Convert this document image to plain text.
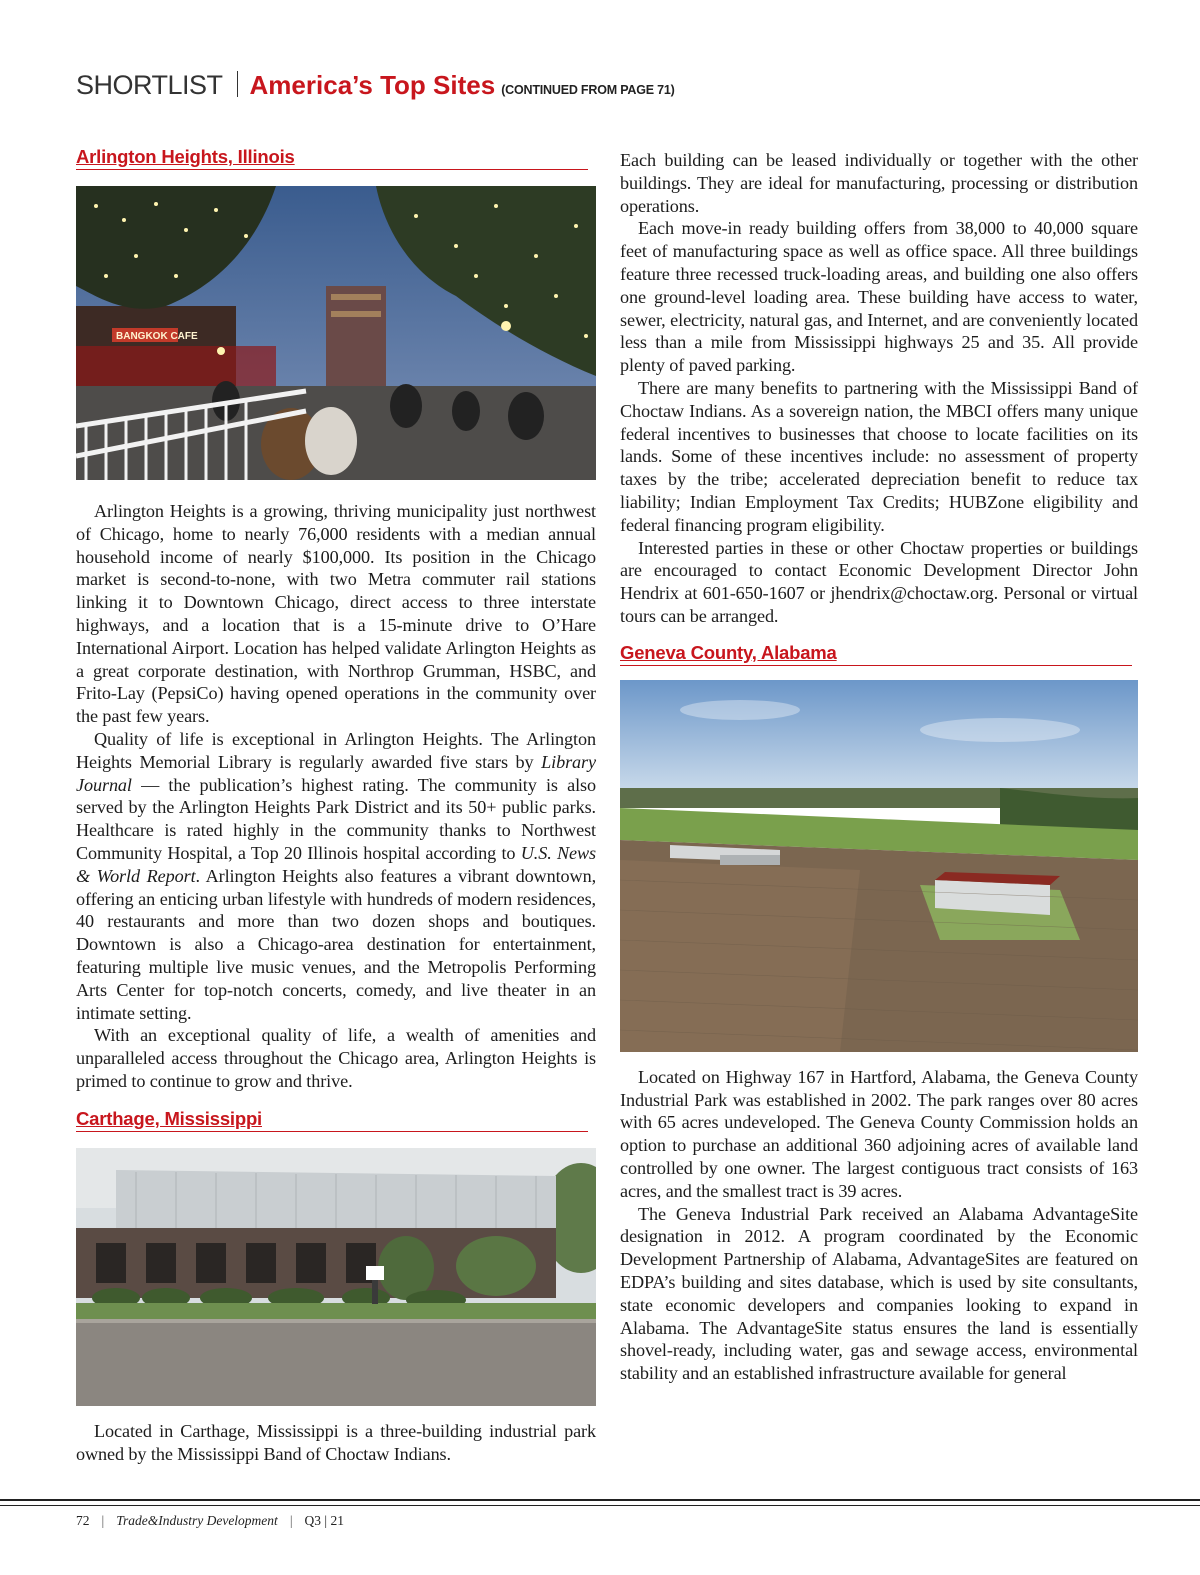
SHORTLIST America’s Top Sites (CONTINUED FROM PAGE 71)
Arlington Heights, Illinois
BANGKOK CAFE

Arlington Heights is a growing, thriving municipality just northwest of Chicago, home to nearly 76,000 residents with a median annual household income of nearly $100,000. Its position in the Chicago market is second-to-none, with two Metra commuter rail stations linking it to Downtown Chicago, direct access to three interstate highways, and a location that is a 15-minute drive to O’Hare International Airport. Location has helped validate Arlington Heights as a great corporate destination, with Northrop Grumman, HSBC, and Frito-Lay (PepsiCo) having opened operations in the community over the past few years.

Quality of life is exceptional in Arlington Heights. The Arlington Heights Memorial Library is regularly awarded five stars by Library Journal — the publication’s highest rating. The community is also served by the Arlington Heights Park District and its 50+ public parks. Healthcare is rated highly in the community thanks to Northwest Community Hospital, a Top 20 Illinois hospital according to U.S. News & World Report. Arlington Heights also features a vibrant downtown, offering an enticing urban lifestyle with hundreds of modern residences, 40 restaurants and more than two dozen shops and boutiques. Downtown is also a Chicago-area destination for entertainment, featuring multiple live music venues, and the Metropolis Performing Arts Center for top-notch concerts, comedy, and live theater in an intimate setting.

With an exceptional quality of life, a wealth of amenities and unparalleled access throughout the Chicago area, Arlington Heights is primed to continue to grow and thrive.

Carthage, Mississippi

Located in Carthage, Mississippi is a three-building industrial park owned by the Mississippi Band of Choctaw Indians.

Each building can be leased individually or together with the other buildings. They are ideal for manufacturing, processing or distribution operations.

Each move-in ready building offers from 38,000 to 40,000 square feet of manufacturing space as well as office space. All three buildings feature three recessed truck-loading areas, and building one also offers one ground-level loading area. These building have access to water, sewer, electricity, natural gas, and Internet, and are conveniently located less than a mile from Mississippi highways 25 and 35. All provide plenty of paved parking.

There are many benefits to partnering with the Mississippi Band of Choctaw Indians. As a sovereign nation, the MBCI offers many unique federal incentives to businesses that choose to locate facilities on its lands. Some of these incentives include: no assessment of property taxes by the tribe; accelerated depreciation benefit to reduce tax liability; Indian Employment Tax Credits; HUBZone eligibility and federal financing program eligibility.

Interested parties in these or other Choctaw properties or buildings are encouraged to contact Economic Development Director John Hendrix at 601-650-1607 or jhendrix@choctaw.org. Personal or virtual tours can be arranged.

Geneva County, Alabama

Located on Highway 167 in Hartford, Alabama, the Geneva County Industrial Park was established in 2002. The park ranges over 80 acres with 65 acres undeveloped. The Geneva County Commission holds an option to purchase an additional 360 adjoining acres of available land controlled by one owner. The largest contiguous tract consists of 163 acres, and the smallest tract is 39 acres.

The Geneva Industrial Park received an Alabama AdvantageSite designation in 2012. A program coordinated by the Economic Development Partnership of Alabama, AdvantageSites are featured on EDPA’s building and sites database, which is used by site consultants, state economic developers and companies looking to expand in Alabama. The AdvantageSite status ensures the land is essentially shovel-ready, including water, gas and sewage access, environmental stability and an established infrastructure available for general

72 | Trade&Industry Development | Q3 | 21
